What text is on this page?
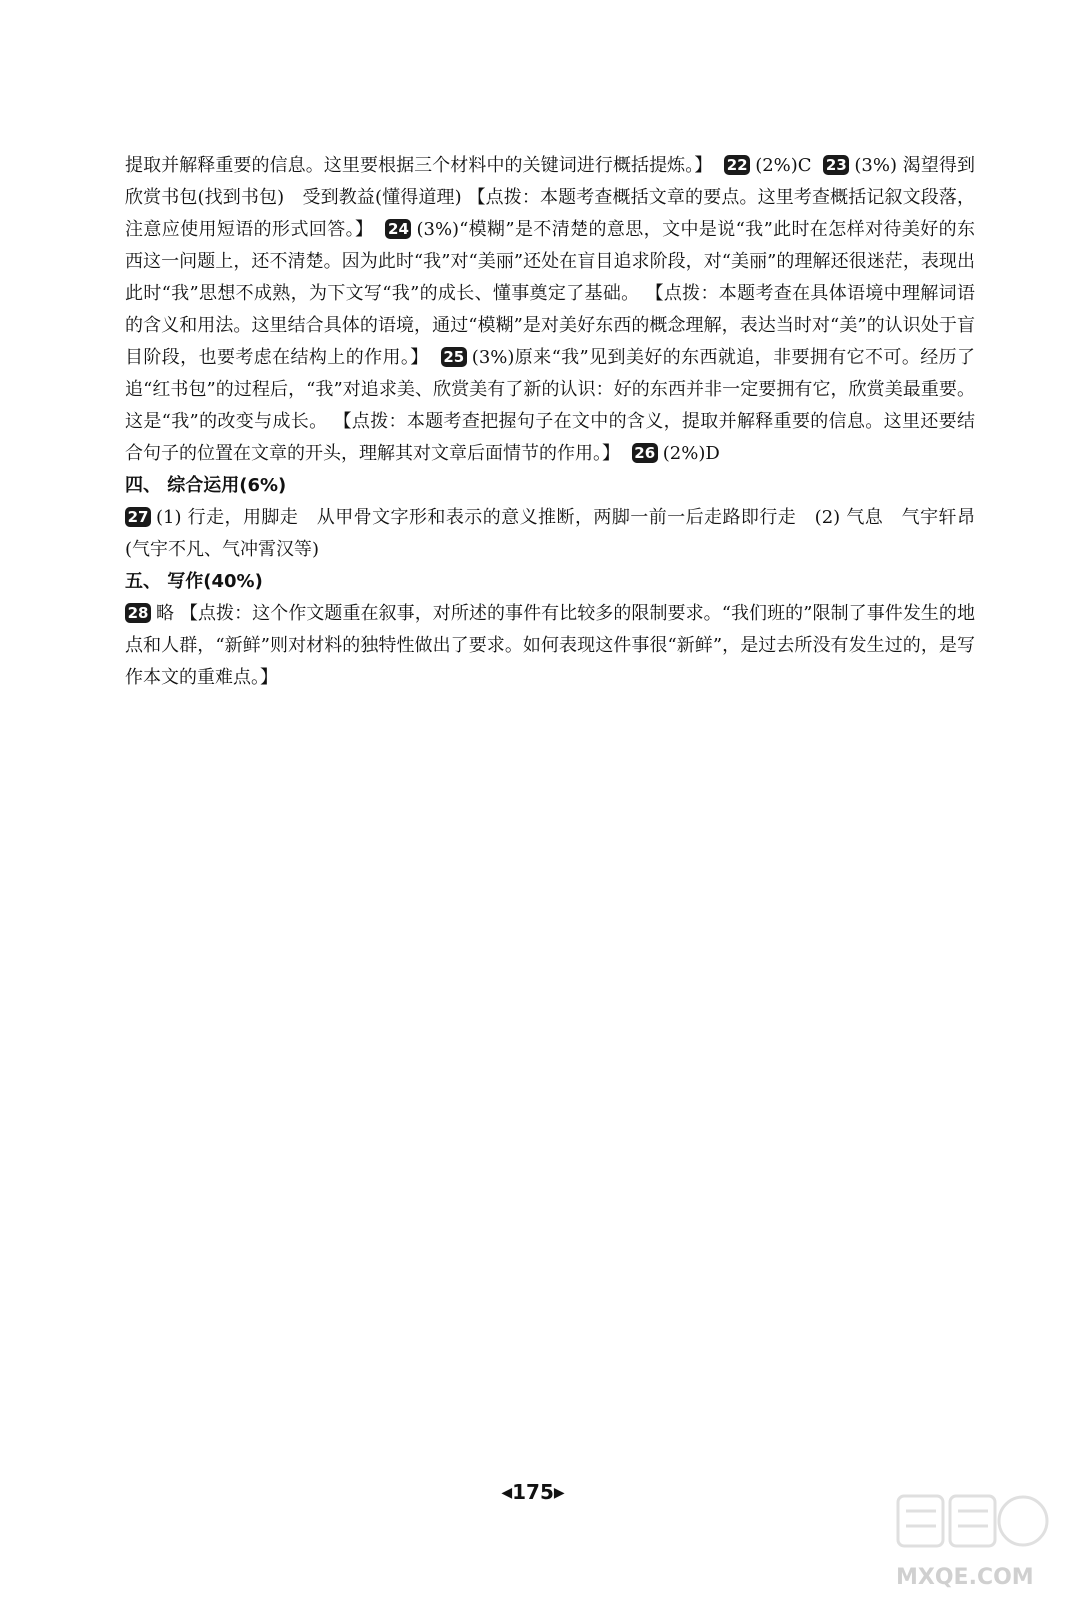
提取并解释重要的信息。这里要根据三个材料中的关键词进行概括提炼。】 22 (2%)C 23 (3%) 渴望得到　欣赏书包(找到书包)　受到教益(懂得道理) 【点拨：本题考查概括文章的要点。这里考查概括记叙文段落，注意应使用短语的形式回答。】 24 (3%)“模糊”是不清楚的意思，文中是说“我”此时在怎样对待美好的东西这一问题上，还不清楚。因为此时“我”对“美丽”还处在盲目追求阶段，对“美丽”的理解还很迷茫，表现出此时“我”思想不成熟，为下文写“我”的成长、懂事奠定了基础。 【点拨：本题考查在具体语境中理解词语的含义和用法。这里结合具体的语境，通过“模糊”是对美好东西的概念理解，表达当时对“美”的认识处于盲目阶段，也要考虑在结构上的作用。】 25 (3%)原来“我”见到美好的东西就追，非要拥有它不可。经历了追“红书包”的过程后，“我”对追求美、欣赏美有了新的认识：好的东西并非一定要拥有它，欣赏美最重要。这是“我”的改变与成长。 【点拨：本题考查把握句子在文中的含义，提取并解释重要的信息。这里还要结合句子的位置在文章的开头，理解其对文章后面情节的作用。】 26 (2%)D

四、 综合运用(6%)

27 (1) 行走，用脚走　从甲骨文字形和表示的意义推断，两脚一前一后走路即行走　(2) 气息　气宇轩昂(气宇不凡、气冲霄汉等)

五、 写作(40%)

28 略 【点拨：这个作文题重在叙事，对所述的事件有比较多的限制要求。“我们班的”限制了事件发生的地点和人群，“新鲜”则对材料的独特性做出了要求。如何表现这件事很“新鲜”，是过去所没有发生过的，是写作本文的重难点。】

◀175▶
MXQE.COM
